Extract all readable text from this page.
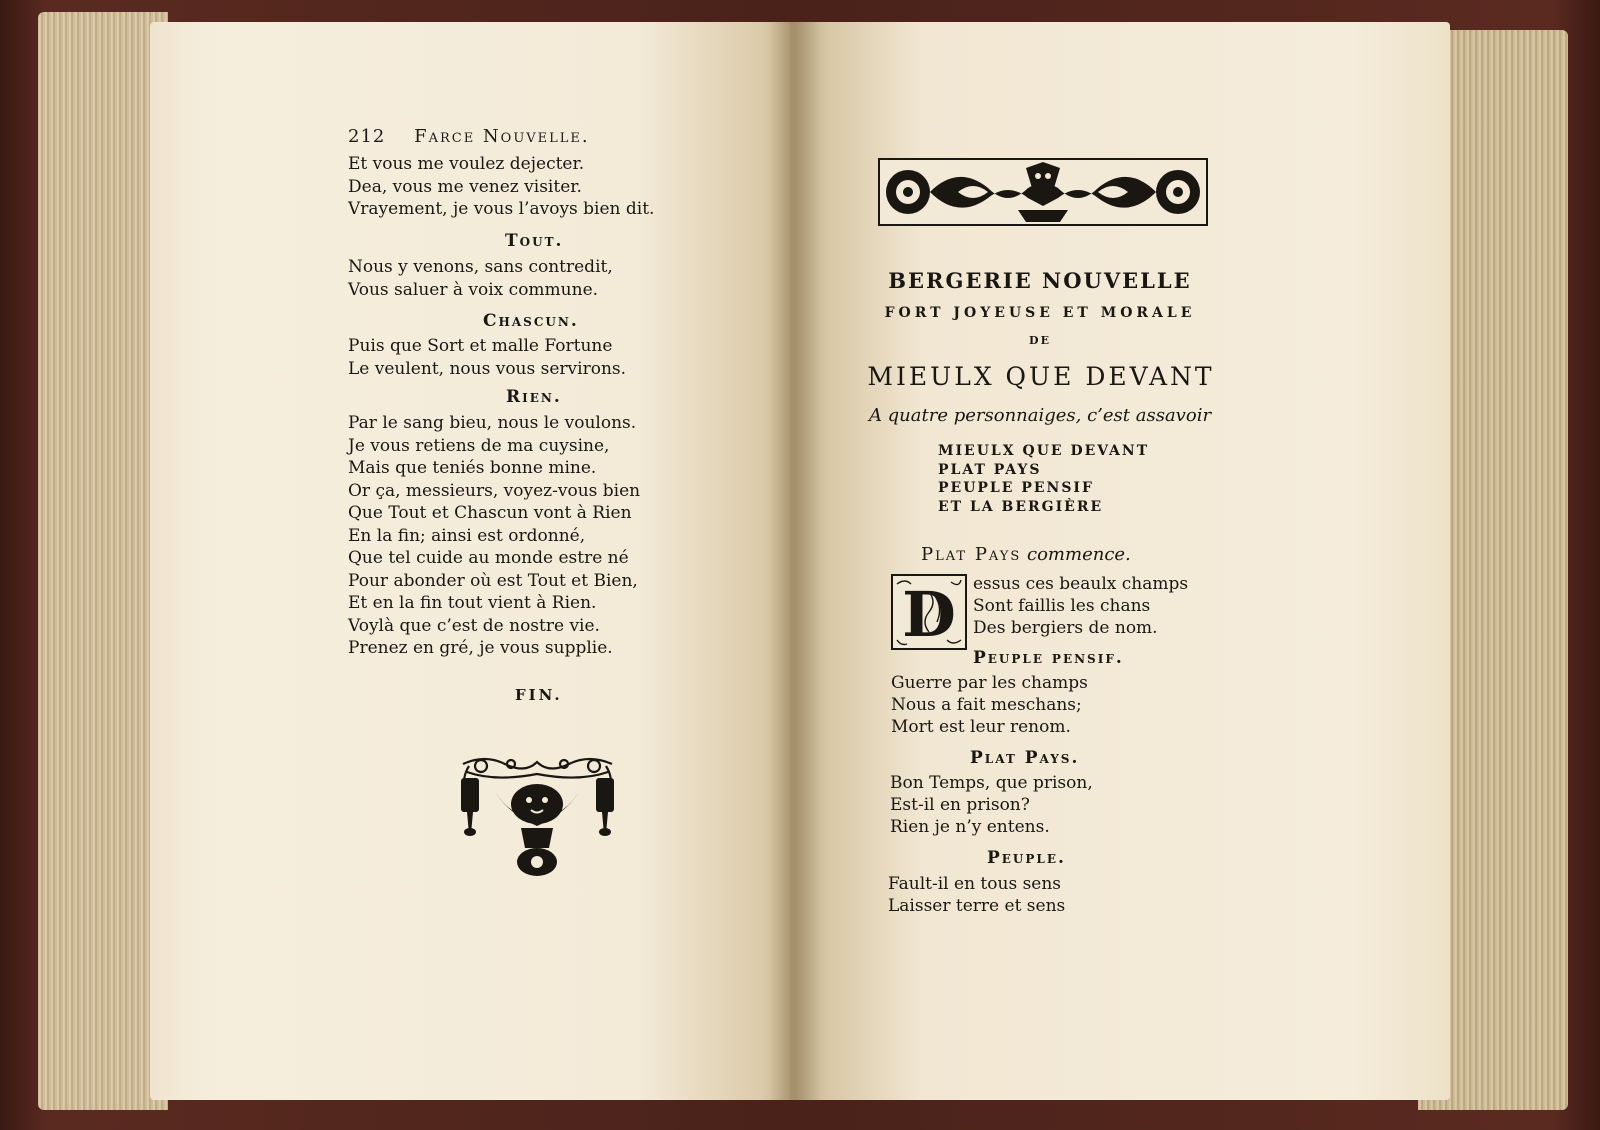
212 Farce Nouvelle.
Et vous me voulez dejecter.
Dea, vous me venez visiter.
Vrayement, je vous l’avoys bien dit.
Tout.
Nous y venons, sans contredit,
Vous saluer à voix commune.
Chascun.
Puis que Sort et malle Fortune
Le veulent, nous vous servirons.
Rien.
Par le sang bieu, nous le voulons.
Je vous retiens de ma cuysine,
Mais que teniés bonne mine.
Or ça, messieurs, voyez-vous bien
Que Tout et Chascun vont à Rien
En la fin; ainsi est ordonné,
Que tel cuide au monde estre né
Pour abonder où est Tout et Bien,
Et en la fin tout vient à Rien.
Voylà que c’est de nostre vie.
Prenez en gré, je vous supplie.
FIN.
BERGERIE NOUVELLE
FORT JOYEUSE ET MORALE
DE
MIEULX QUE DEVANT
A quatre personnaiges, c’est assavoir
MIEULX QUE DEVANT
PLAT PAYS
PEUPLE PENSIF
ET LA BERGIÈRE
Plat Pays commence.
D essus ces beaulx champs
Sont faillis les chans
Des bergiers de nom.
Peuple pensif.
Guerre par les champs
Nous a fait meschans;
Mort est leur renom.
Plat Pays.
Bon Temps, que prison,
Est-il en prison?
Rien je n’y entens.
Peuple.
Fault-il en tous sens
Laisser terre et sens
